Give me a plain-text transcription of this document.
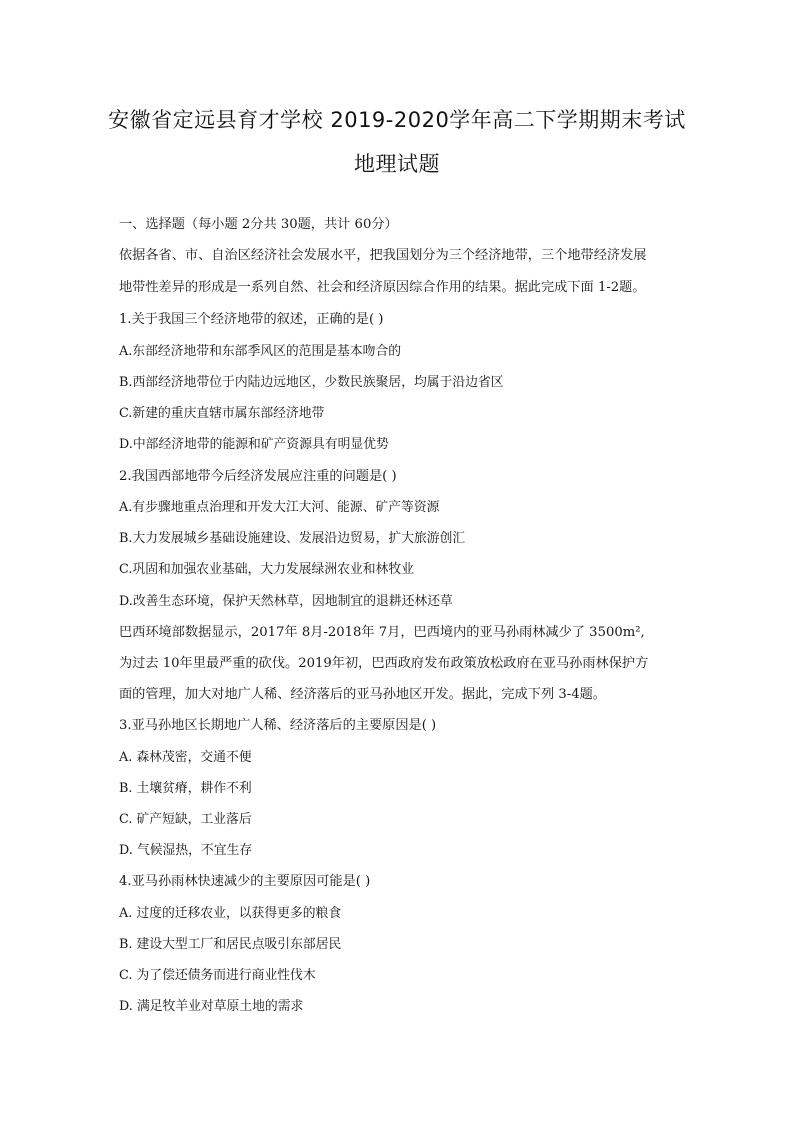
安徽省定远县育才学校 2019-2020学年高二下学期期末考试
地理试题
一、选择题（每小题 2分共 30题，共计 60分）
依据各省、市、自治区经济社会发展水平，把我国划分为三个经济地带，三个地带经济发展
地带性差异的形成是一系列自然、社会和经济原因综合作用的结果。据此完成下面 1-2题。
1.关于我国三个经济地带的叙述，正确的是( )
A.东部经济地带和东部季风区的范围是基本吻合的
B.西部经济地带位于内陆边远地区，少数民族聚居，均属于沿边省区
C.新建的重庆直辖市属东部经济地带
D.中部经济地带的能源和矿产资源具有明显优势
2.我国西部地带今后经济发展应注重的问题是( )
A.有步骤地重点治理和开发大江大河、能源、矿产等资源
B.大力发展城乡基础设施建设、发展沿边贸易，扩大旅游创汇
C.巩固和加强农业基础，大力发展绿洲农业和林牧业
D.改善生态环境，保护天然林草，因地制宜的退耕还林还草
巴西环境部数据显示，2017年 8月-2018年 7月，巴西境内的亚马孙雨林减少了 3500m²,
为过去 10年里最严重的砍伐。2019年初，巴西政府发布政策放松政府在亚马孙雨林保护方
面的管理，加大对地广人稀、经济落后的亚马孙地区开发。据此，完成下列 3-4题。
3.亚马孙地区长期地广人稀、经济落后的主要原因是( )
A. 森林茂密，交通不便
B. 土壤贫瘠，耕作不利
C. 矿产短缺，工业落后
D. 气候湿热，不宜生存
4.亚马孙雨林快速减少的主要原因可能是( )
A. 过度的迁移农业，以获得更多的粮食
B. 建设大型工厂和居民点吸引东部居民
C. 为了偿还债务而进行商业性伐木
D. 满足牧羊业对草原土地的需求
